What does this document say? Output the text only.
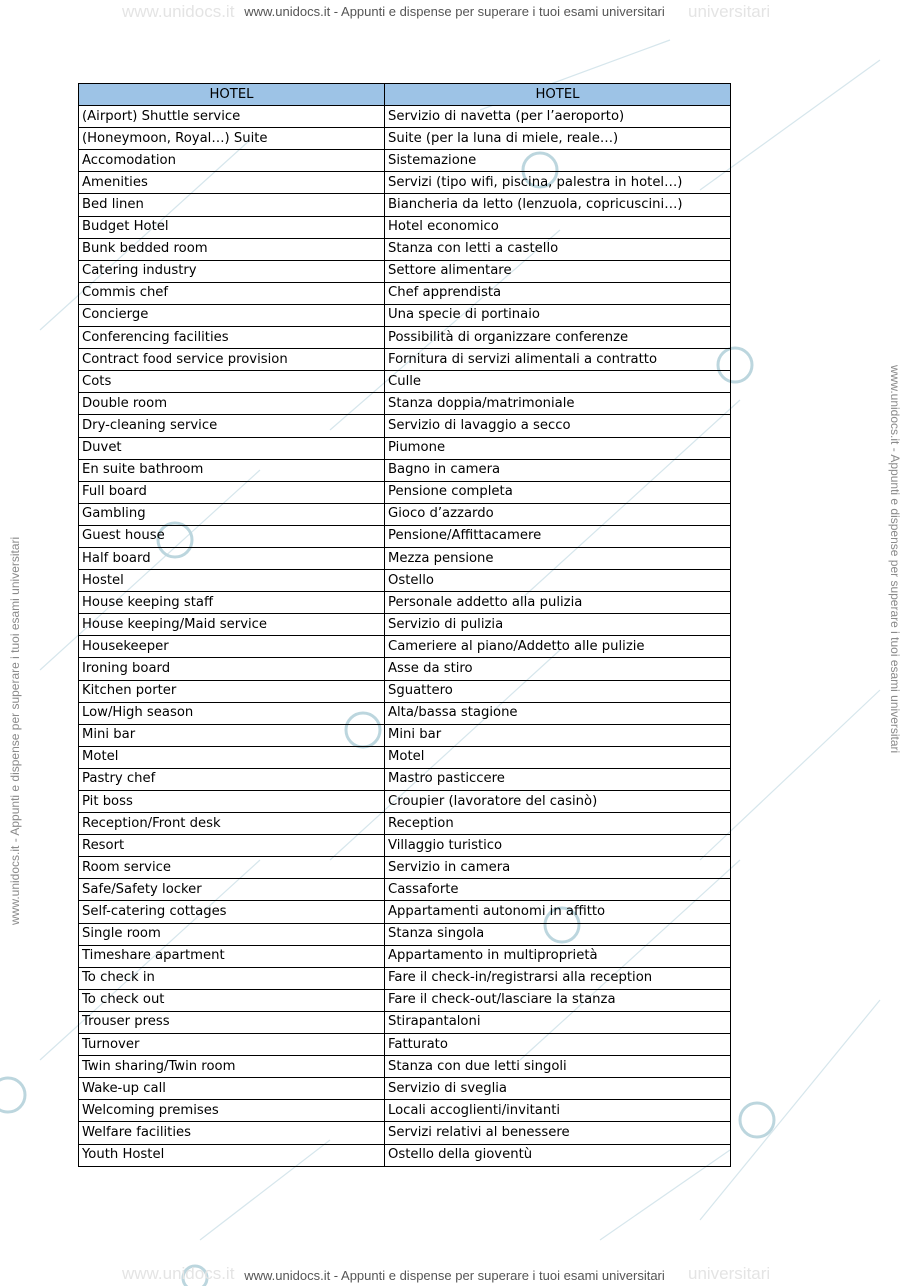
www.unidocs.it	universitari
www.unidocs.it	universitari
www.unidocs.it - Appunti e dispense per superare i tuoi esami universitari
www.unidocs.it - Appunti e dispense per superare i tuoi esami universitari
www.unidocs.it - Appunti e dispense per superare i tuoi esami universitari	www.unidocs.it - Appunti e dispense per superare i tuoi esami universitari
HOTEL	HOTEL
(Airport) Shuttle service	Servizio di navetta (per l’aeroporto)
(Honeymoon, Royal…) Suite	Suite (per la luna di miele, reale…)
Accomodation	Sistemazione
Amenities	Servizi (tipo wifi, piscina, palestra in hotel…)
Bed linen	Biancheria da letto (lenzuola, copricuscini…)
Budget Hotel	Hotel economico
Bunk bedded room	Stanza con letti a castello
Catering industry	Settore alimentare
Commis chef	Chef apprendista
Concierge	Una specie di portinaio
Conferencing facilities	Possibilità di organizzare conferenze
Contract food service provision	Fornitura di servizi alimentali a contratto
Cots	Culle
Double room	Stanza doppia/matrimoniale
Dry-cleaning service	Servizio di lavaggio a secco
Duvet	Piumone
En suite bathroom	Bagno in camera
Full board	Pensione completa
Gambling	Gioco d’azzardo
Guest house	Pensione/Affittacamere
Half board	Mezza pensione
Hostel	Ostello
House keeping staff	Personale addetto alla pulizia
House keeping/Maid service	Servizio di pulizia
Housekeeper	Cameriere al piano/Addetto alle pulizie
Ironing board	Asse da stiro
Kitchen porter	Sguattero
Low/High season	Alta/bassa stagione
Mini bar	Mini bar
Motel	Motel
Pastry chef	Mastro pasticcere
Pit boss	Croupier (lavoratore del casinò)
Reception/Front desk	Reception
Resort	Villaggio turistico
Room service	Servizio in camera
Safe/Safety locker	Cassaforte
Self-catering cottages	Appartamenti autonomi in affitto
Single room	Stanza singola
Timeshare apartment	Appartamento in multiproprietà
To check in	Fare il check-in/registrarsi alla reception
To check out	Fare il check-out/lasciare la stanza
Trouser press	Stirapantaloni
Turnover	Fatturato
Twin sharing/Twin room	Stanza con due letti singoli
Wake-up call	Servizio di sveglia
Welcoming premises	Locali accoglienti/invitanti
Welfare facilities	Servizi relativi al benessere
Youth Hostel	Ostello della gioventù
